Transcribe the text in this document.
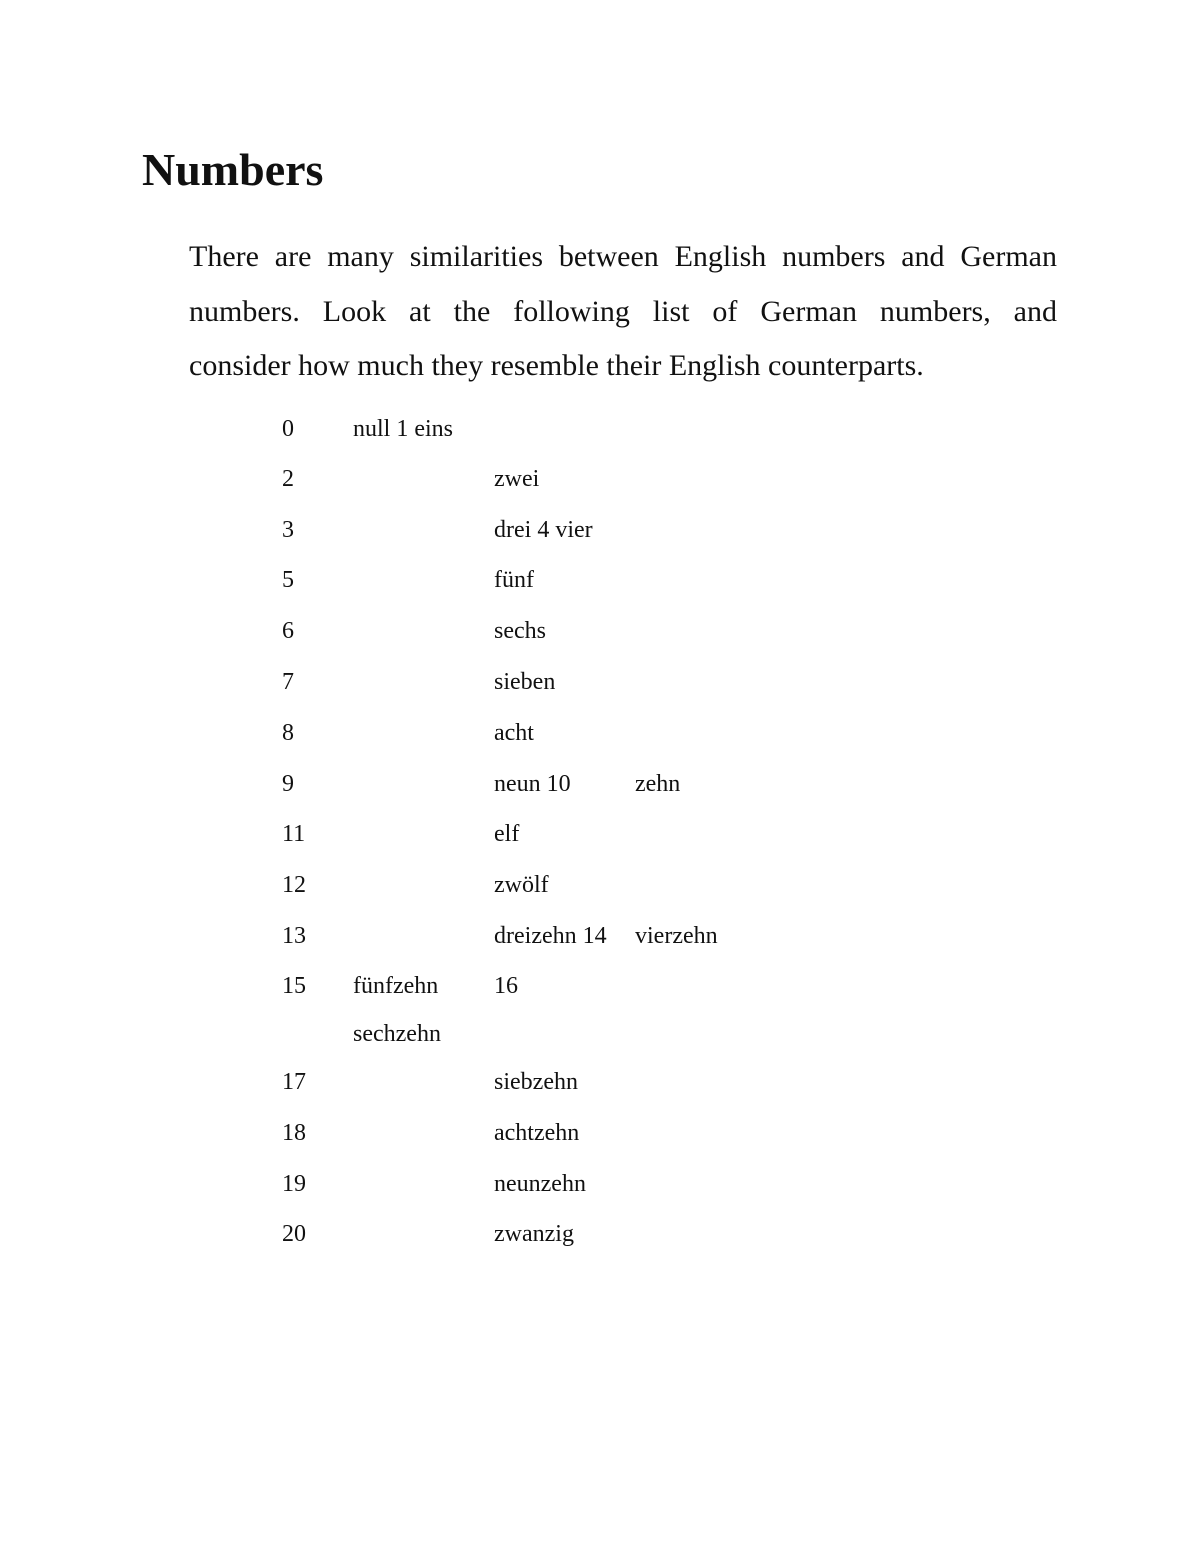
Numbers

There are many similarities between English numbers and German

numbers. Look at the following list of German numbers, and

consider how much they resemble their English counterparts.

0 null 1 eins
2	zwei
3	drei 4 vier
5	fünf
6	sechs
7	sieben
8	acht
9	neun 10	zehn
11	elf
12	zwölf
13	dreizehn 14 vierzehn
15 fünfzehn 16
sechzehn
17	siebzehn
18	achtzehn
19	neunzehn
20	zwanzig
